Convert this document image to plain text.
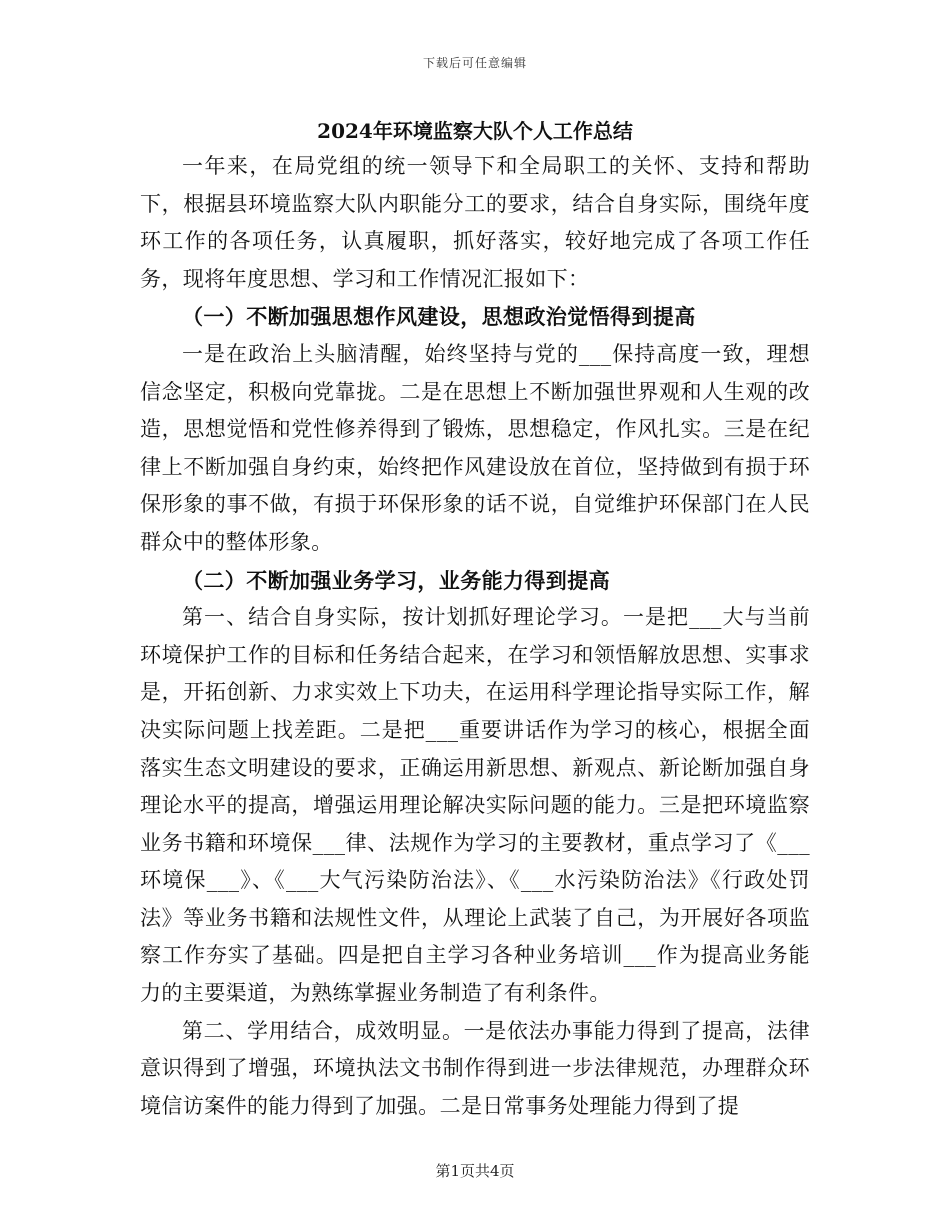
下载后可任意编辑
2024年环境监察大队个人工作总结

一年来，在局党组的统一领导下和全局职工的关怀、支持和帮助下，根据县环境监察大队内职能分工的要求，结合自身实际，围绕年度环工作的各项任务，认真履职，抓好落实，较好地完成了各项工作任务，现将年度思想、学习和工作情况汇报如下：

（一）不断加强思想作风建设，思想政治觉悟得到提高

一是在政治上头脑清醒，始终坚持与党的___保持高度一致，理想信念坚定，积极向党靠拢。二是在思想上不断加强世界观和人生观的改造，思想觉悟和党性修养得到了锻炼，思想稳定，作风扎实。三是在纪律上不断加强自身约束，始终把作风建设放在首位，坚持做到有损于环保形象的事不做，有损于环保形象的话不说，自觉维护环保部门在人民群众中的整体形象。

（二）不断加强业务学习，业务能力得到提高

第一、结合自身实际，按计划抓好理论学习。一是把___大与当前环境保护工作的目标和任务结合起来，在学习和领悟解放思想、实事求是，开拓创新、力求实效上下功夫，在运用科学理论指导实际工作，解决实际问题上找差距。二是把___重要讲话作为学习的核心，根据全面落实生态文明建设的要求，正确运用新思想、新观点、新论断加强自身理论水平的提高，增强运用理论解决实际问题的能力。三是把环境监察业务书籍和环境保___律、法规作为学习的主要教材，重点学习了《___环境保___》、《___大气污染防治法》、《___水污染防治法》《行政处罚法》等业务书籍和法规性文件，从理论上武装了自己，为开展好各项监察工作夯实了基础。四是把自主学习各种业务培训___作为提高业务能力的主要渠道，为熟练掌握业务制造了有利条件。

第二、学用结合，成效明显。一是依法办事能力得到了提高，法律意识得到了增强，环境执法文书制作得到进一步法律规范，办理群众环境信访案件的能力得到了加强。二是日常事务处理能力得到了提

第1页共4页
